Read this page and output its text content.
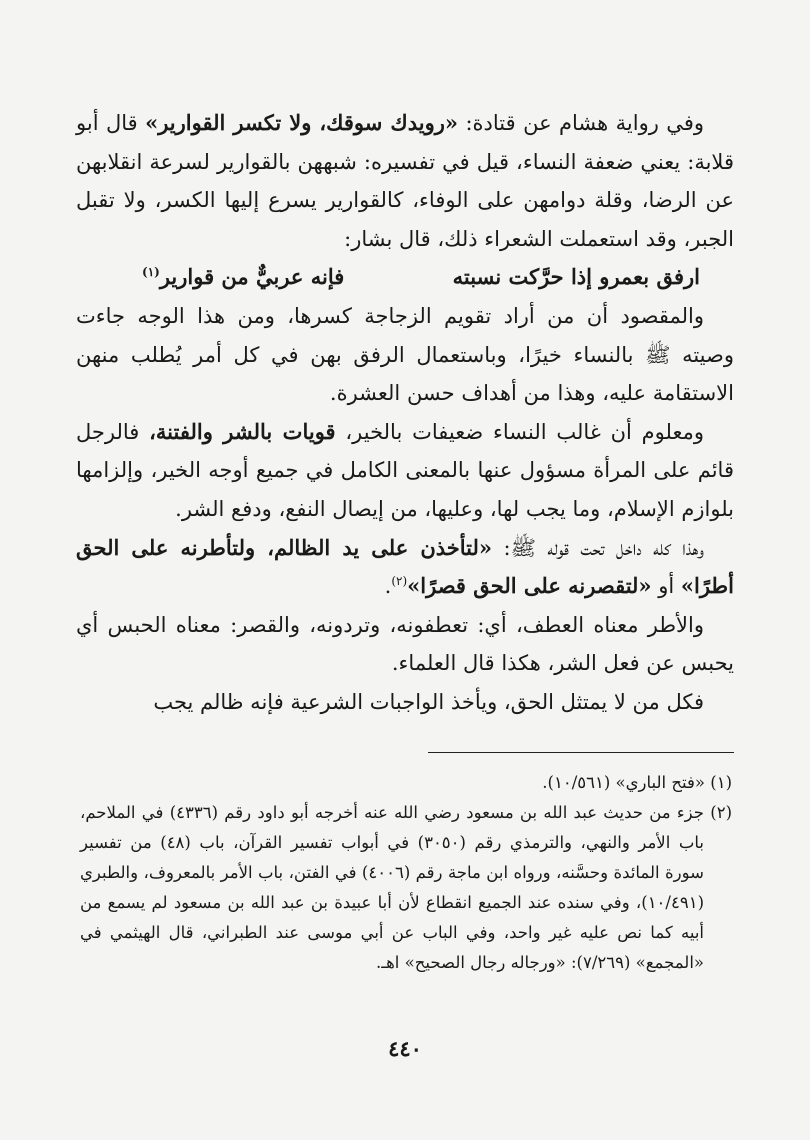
وفي رواية هشام عن قتادة: «رويدك سوقك، ولا تكسر القوارير» قال أبو قلابة: يعني ضعفة النساء، قيل في تفسيره: شبههن بالقوارير لسرعة انقلابهن عن الرضا، وقلة دوامهن على الوفاء، كالقوارير يسرع إليها الكسر، ولا تقبل الجبر، وقد استعملت الشعراء ذلك، قال بشار:

ارفق بعمرو إذا حرَّكت نسبته
فإنه عربيٌّ من قوارير$^{(١)}$

والمقصود أن من أراد تقويم الزجاجة كسرها، ومن هذا الوجه جاءت وصيته ﷺ بالنساء خيرًا، وباستعمال الرفق بهن في كل أمر يُطلب منهن الاستقامة عليه، وهذا من أهداف حسن العشرة.

ومعلوم أن غالب النساء ضعيفات بالخير، قويات بالشر والفتنة، فالرجل قائم على المرأة مسؤول عنها بالمعنى الكامل في جميع أوجه الخير، وإلزامها بلوازم الإسلام، وما يجب لها، وعليها، من إيصال النفع، ودفع الشر.

وهذا كله داخل تحت قوله ﷺ: «لتأخذن على يد الظالم، ولتأطرنه على الحق أطرًا» أو «لتقصرنه على الحق قصرًا»$^{(٢)}$.

والأطر معناه العطف، أي: تعطفونه، وتردونه، والقصر: معناه الحبس أي يحبس عن فعل الشر، هكذا قال العلماء.

فكل من لا يمتثل الحق، ويأخذ الواجبات الشرعية فإنه ظالم يجب

(١) «فتح الباري» (١٠/٥٦١).

(٢) جزء من حديث عبد الله بن مسعود رضي الله عنه أخرجه أبو داود رقم (٤٣٣٦) في الملاحم، باب الأمر والنهي، والترمذي رقم (٣٠٥٠) في أبواب تفسير القرآن، باب (٤٨) من تفسير سورة المائدة وحسَّنه، ورواه ابن ماجة رقم (٤٠٠٦) في الفتن، باب الأمر بالمعروف، والطبري (١٠/٤٩١)، وفي سنده عند الجميع انقطاع لأن أبا عبيدة بن عبد الله بن مسعود لم يسمع من أبيه كما نص عليه غير واحد، وفي الباب عن أبي موسى عند الطبراني، قال الهيثمي في «المجمع» (٧/٢٦٩): «ورجاله رجال الصحيح» اهـ.

٤٤٠
